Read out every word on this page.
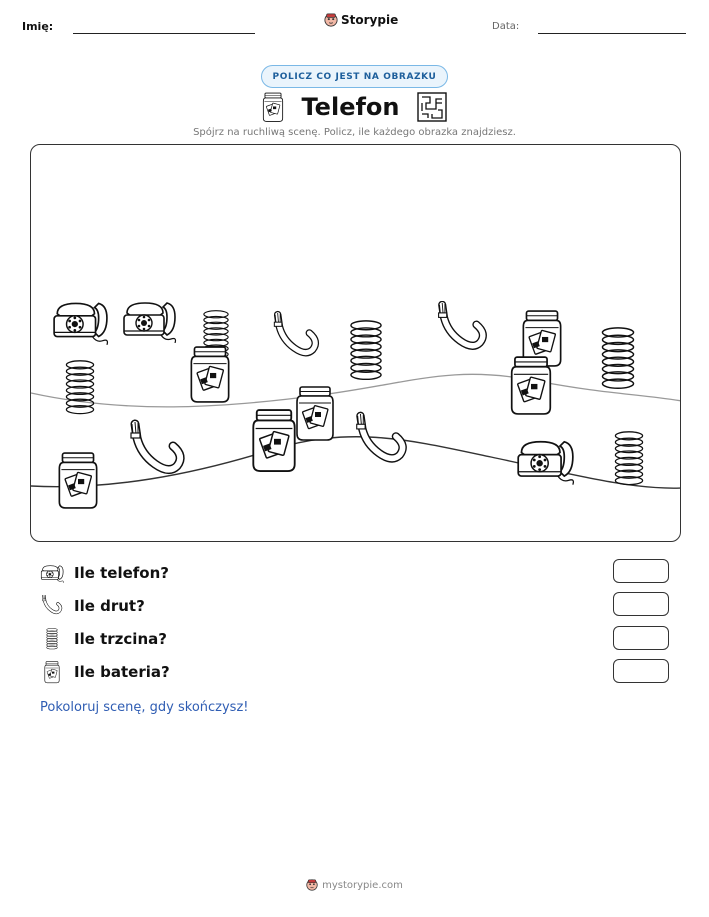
Imię:	Storypie	Data:
POLICZ CO JEST NA OBRAZKU
Telefon
Spójrz na ruchliwą scenę. Policz, ile każdego obrazka znajdziesz.
Ile telefon?
Ile drut?
Ile trzcina?
Ile bateria?
Pokoloruj scenę, gdy skończysz!
mystorypie.com
